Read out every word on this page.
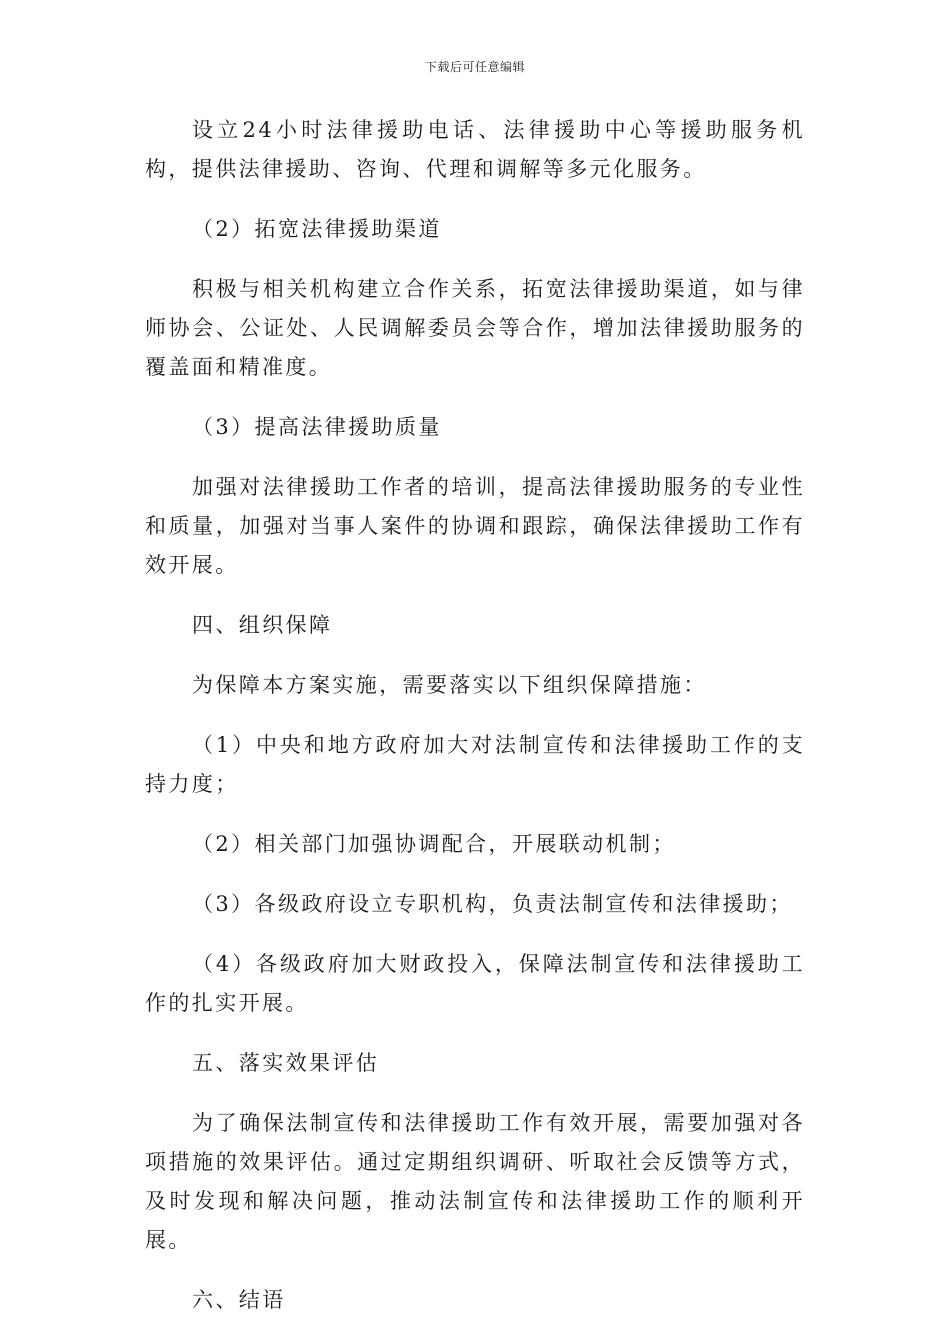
下载后可任意编辑

设立24小时法律援助电话、法律援助中心等援助服务机构，提供法律援助、咨询、代理和调解等多元化服务。

（2）拓宽法律援助渠道

积极与相关机构建立合作关系，拓宽法律援助渠道，如与律师协会、公证处、人民调解委员会等合作，增加法律援助服务的覆盖面和精准度。

（3）提高法律援助质量

加强对法律援助工作者的培训，提高法律援助服务的专业性和质量，加强对当事人案件的协调和跟踪，确保法律援助工作有效开展。

四、组织保障

为保障本方案实施，需要落实以下组织保障措施：

（1）中央和地方政府加大对法制宣传和法律援助工作的支持力度；

（2）相关部门加强协调配合，开展联动机制；

（3）各级政府设立专职机构，负责法制宣传和法律援助；

（4）各级政府加大财政投入，保障法制宣传和法律援助工作的扎实开展。

五、落实效果评估

为了确保法制宣传和法律援助工作有效开展，需要加强对各项措施的效果评估。通过定期组织调研、听取社会反馈等方式，及时发现和解决问题，推动法制宣传和法律援助工作的顺利开展。

六、结语
